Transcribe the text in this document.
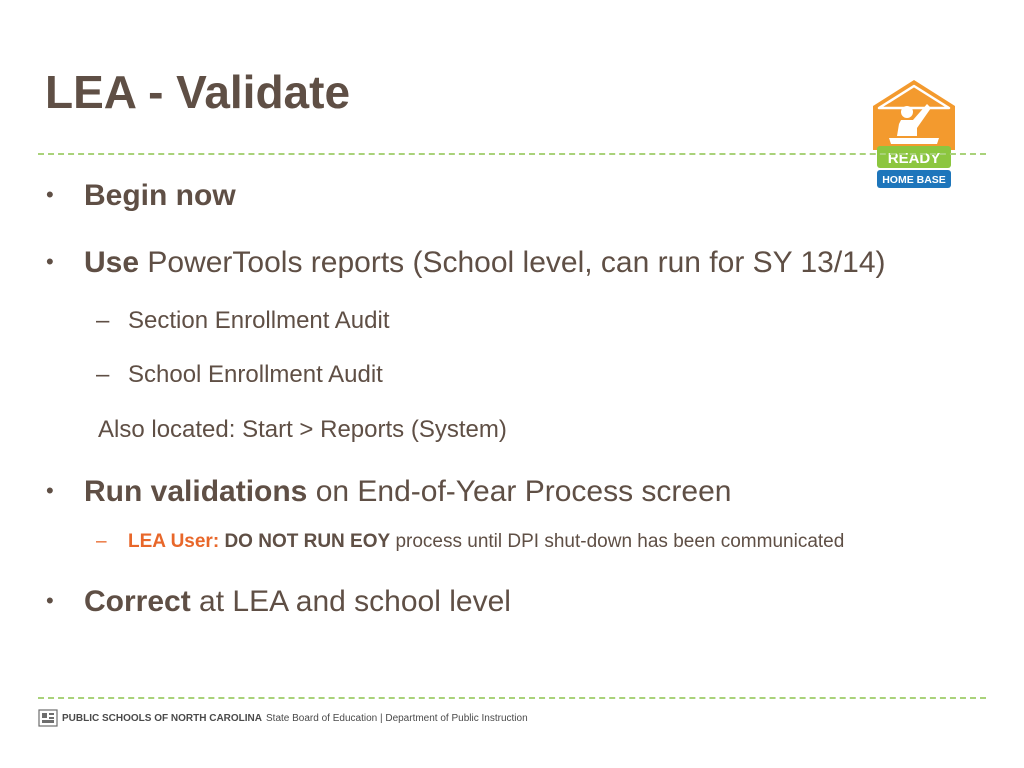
LEA - Validate
READY
HOME BASE
• Begin now
• Use PowerTools reports (School level, can run for SY 13/14)
– Section Enrollment Audit
– School Enrollment Audit
Also located: Start > Reports (System)
• Run validations on End-of-Year Process screen
– LEA User: DO NOT RUN EOY process until DPI shut-down has been communicated
• Correct at LEA and school level
PUBLIC SCHOOLS OF NORTH CAROLINA State Board of Education | Department of Public Instruction
